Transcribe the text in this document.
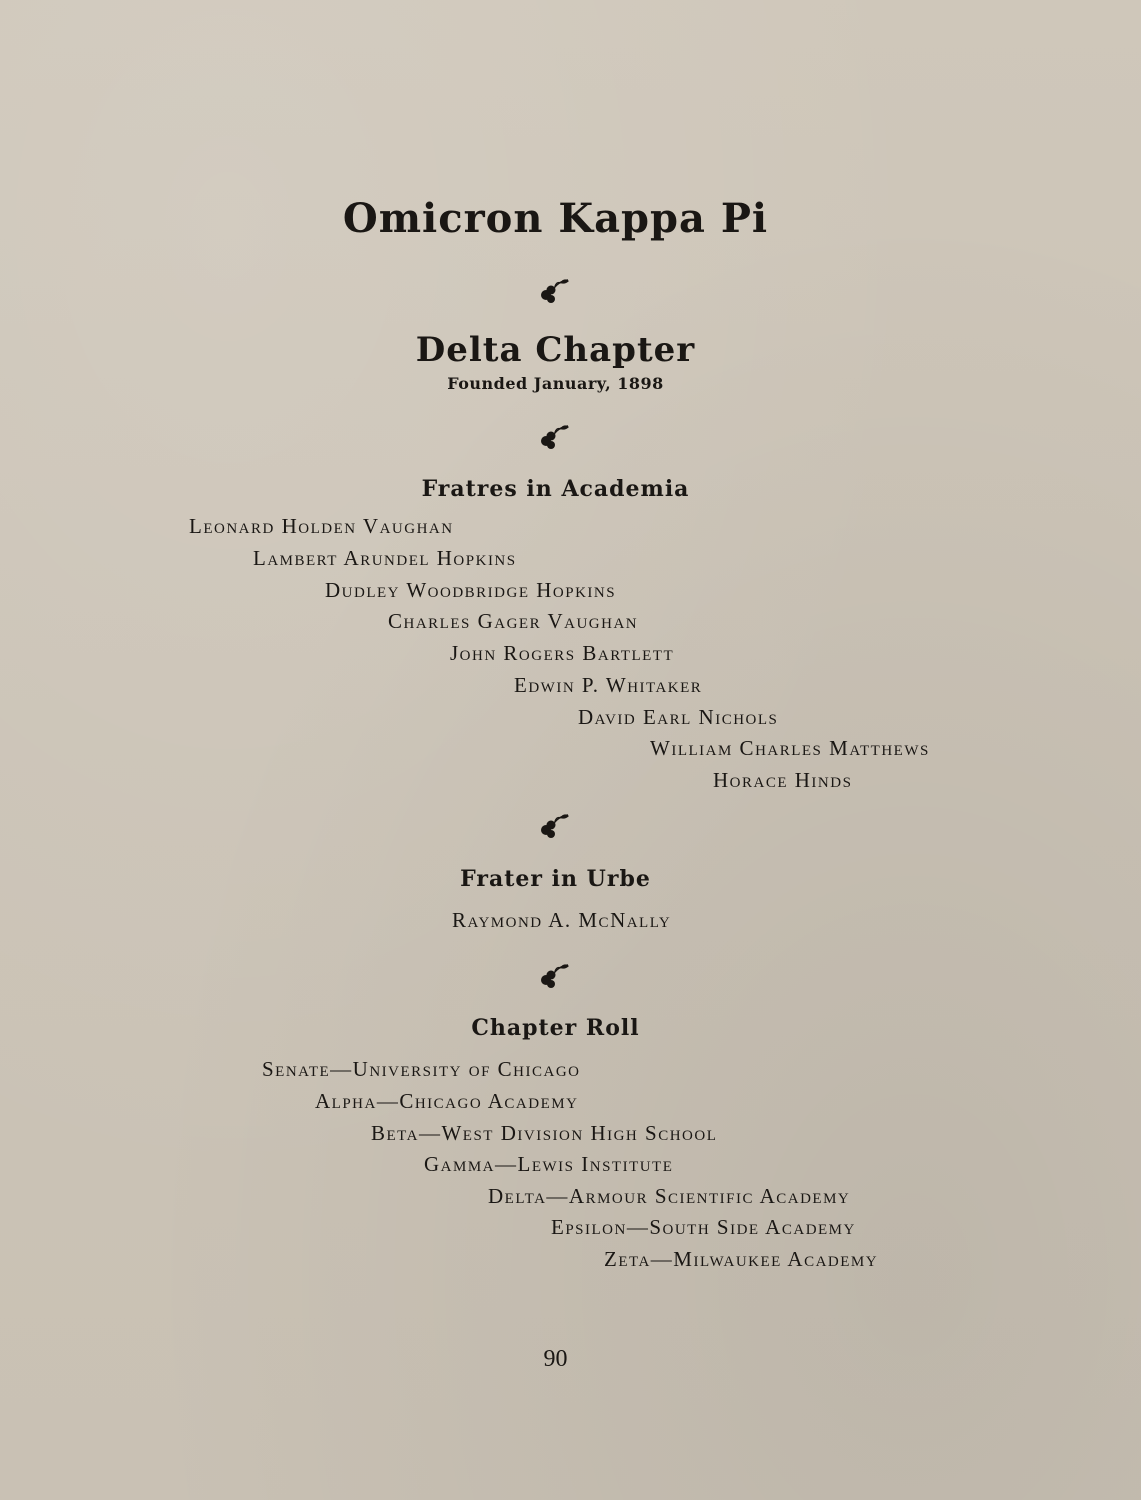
Omicron Kappa Pi
Delta Chapter

Founded January, 1898

Fratres in Academia

Leonard Holden Vaughan

Lambert Arundel Hopkins

Dudley Woodbridge Hopkins

Charles Gager Vaughan

John Rogers Bartlett

Edwin P. Whitaker

David Earl Nichols

William Charles Matthews

Horace Hinds

Frater in Urbe

Raymond A. McNally

Chapter Roll

Senate—University of Chicago

Alpha—Chicago Academy

Beta—West Division High School

Gamma—Lewis Institute

Delta—Armour Scientific Academy

Epsilon—South Side Academy

Zeta—Milwaukee Academy

90
